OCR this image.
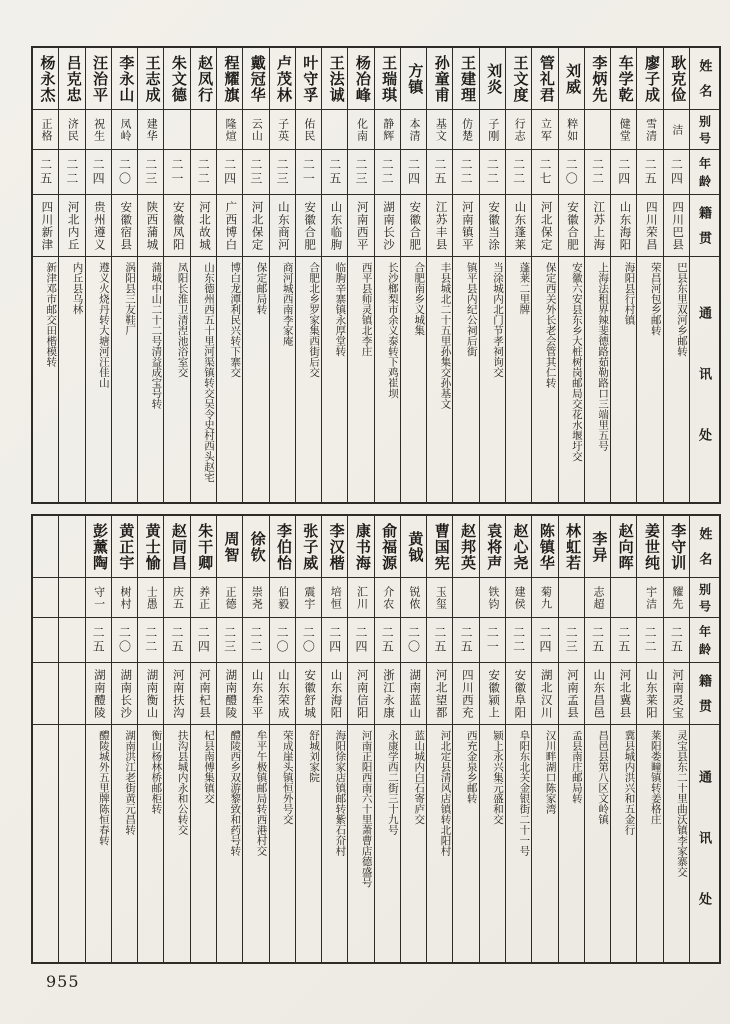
姓名
别号
年龄
籍贯
通讯处
耿克俭
洁
二四
四川巴县
巴县东里双河乡邮转
廖子成
雪清
二五
四川荣昌
荣昌河包乡邮转
车学乾
健堂
二四
山东海阳
海阳县行村镇
李炳先
二二
江苏上海
上海法租界辣斐德路茹勒路口三端里五号
刘威
粹如
二〇
安徽合肥
安徽六安县东乡大桩树岗邮局交花水堰圩交
管礼君
立军
二七
河北保定
保定西关外长老会管其仁转
王文度
行志
二二
山东蓬莱
蓬莱二里牌
刘炎
子刚
二二
安徽当涂
当涂城内北门节孝祠询交
王建理
仿楚
二二
河南镇平
镇平县内纪公祠后街
孙童甫
基文
二五
江苏丰县
丰县城北二十五里孙集交孙基文
方镇
本清
二四
安徽合肥
合肥南乡义城集
王瑞琪
静辉
二二
湖南长沙
长沙榔梨市余义泰转下鸡崔坝
杨冶峰
化南
二三
河南西平
西平县师灵镇北李庄
王法诚
二五
山东临朐
临朐辛寨镇永厚堂转
叶守孚
佑民
二一
安徽合肥
合肥北乡罗家集西街后交
卢茂林
子英
二三
山东商河
商河城西南李家庵
戴冠华
云山
二三
河北保定
保定邮局转
程耀旗
隆煊
二四
广西博白
博白龙潭利民兴转下寨交
赵凤行
二二
河北故城
山东德州西五十里河渠镇转交吴令史村西头赵宅
朱文德
二一
安徽凤阳
凤阳长淮卫清湼池浴室交
王志成
建华
二三
陕西蒲城
蒲城中山二十二号清益成宝号转
李永山
凤岭
二〇
安徽宿县
涡阳县三友鞋厂
汪治平
祝生
二四
贵州遵义
遵义火烧丹转大塘河汪佳山
吕克忠
济民
二二
河北内丘
内丘县乌林
杨永杰
正格
二五
四川新津
新津邓市邮交田楷模转
姓名
别号
年龄
籍贯
通讯处
李守训
耀先
二五
河南灵宝
灵宝县东二十里曲沃镇李家寨交
姜世纯
宇洁
二二
山东莱阳
莱阳娄疃镇转姜格庄
赵向晖
二五
河北冀县
冀县城内洪兴和五金行
李异
志超
二五
山东昌邑
昌邑县第八区文岭镇
林虹若
二三
河南孟县
孟县南庄邮局转
陈镇华
菊九
二四
湖北汉川
汉川畔湖口陈家湾
赵心尧
建侯
二二
安徽阜阳
阜阳东北关金银街二十一号
袁将声
铁钧
二一
安徽颍上
颍上永兴集元盛和交
赵邦英
二五
四川西充
西充金泉乡邮转
曹国宪
玉玺
二五
河北望都
河北定县清风店镇转北阳村
黄钺
锐侬
二〇
湖南蓝山
蓝山城内白石寄庐交
俞福源
介农
二五
浙江永康
永康学西二街三十九号
康书海
汇川
二四
河南信阳
河南正阳西南六十里萧曹店德盛号
李汉楷
培恒
二四
山东海阳
海阳徐家店镇邮转紫石夼村
张子威
震宇
二〇
安徽舒城
舒城刘家院
李伯怡
伯毅
二〇
山东荣成
荣成崖头镇恒外号交
徐钦
崇尧
二二
山东牟平
牟平午极镇邮局转西港村交
周智
正德
二三
湖南醴陵
醴陵西乡双游黎致和药号转
朱干卿
养正
二四
河南杞县
杞县南傅集镇交
赵同昌
庆五
二五
河南扶沟
扶沟县城内永和公转交
黄士愉
士愚
二二
湖南衡山
衡山杨林桥邮柜转
黄正宇
树村
二〇
湖南长沙
湖南洪江老街黄元昌转
彭薰陶
守一
二五
湖南醴陵
醴陵城外五里牌陈恒春转
955
